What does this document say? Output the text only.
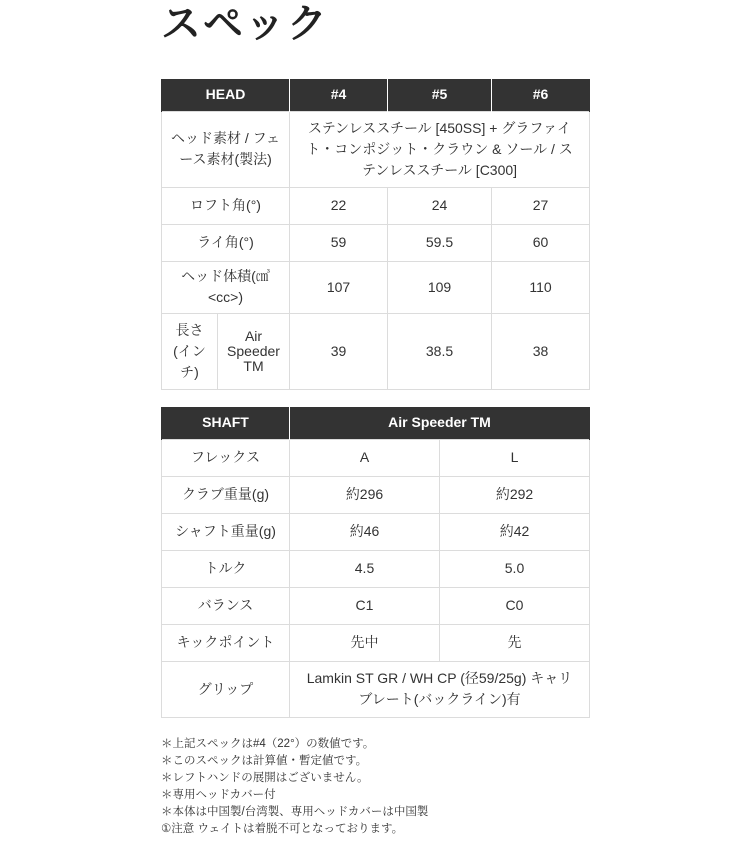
スペック
HEAD		#4	#5	#6
ヘッド素材 / フェース素材(製法)		ステンレススチール [450SS] + グラファイト・コンポジット・クラウン & ソール / ステンレススチール [C300]		
ロフト角(°)		22	24	27
ライ角(°)		59	59.5	60
ヘッド体積(㎤<cc>)		107	109	110
長さ(インチ)	Air Speeder TM	39	38.5	38
SHAFT	Air Speeder TM	
フレックス	A	L
クラブ重量(g)	約296	約292
シャフト重量(g)	約46	約42
トルク	4.5	5.0
バランス	C1	C0
キックポイント	先中	先
グリップ	Lamkin ST GR / WH CP (径59/25g) キャリブレート(バックライン)有	
＊上記スペックは#4（22°）の数値です。
＊このスペックは計算値・暫定値です。
＊レフトハンドの展開はございません。
＊専用ヘッドカバー付
＊本体は中国製/台湾製、専用ヘッドカバーは中国製
①注意 ウェイトは着脱不可となっております。
